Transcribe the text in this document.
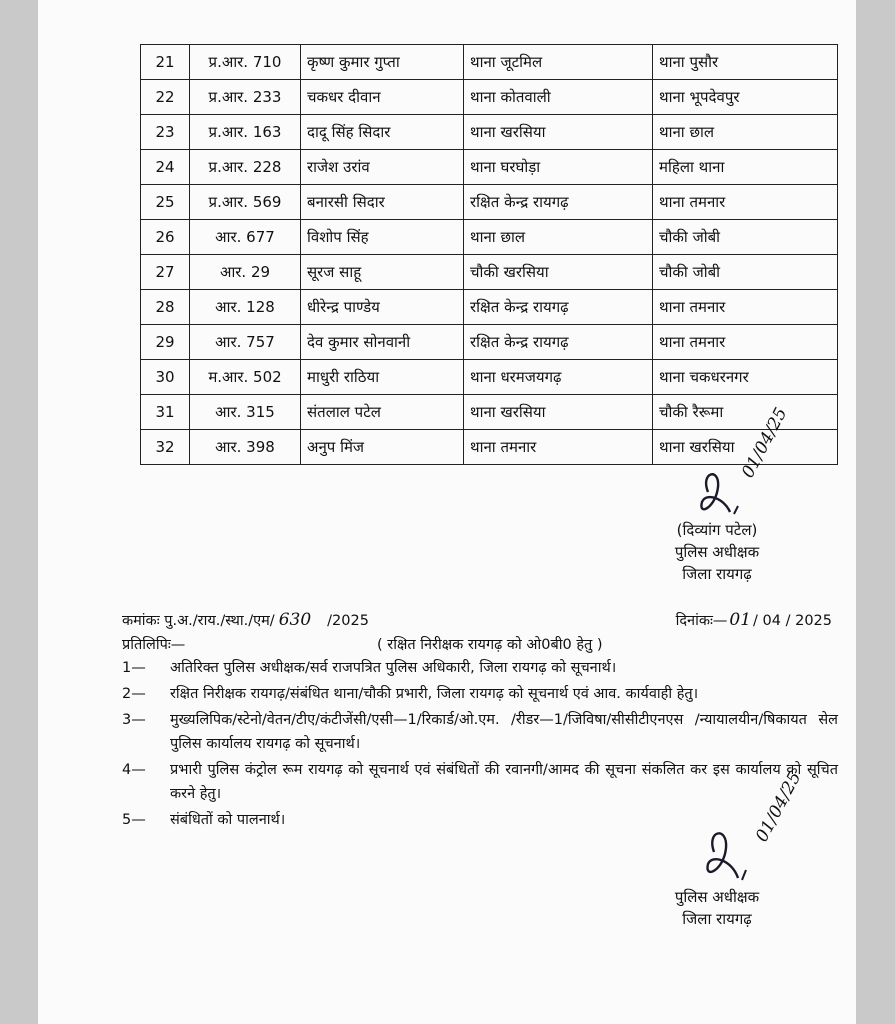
21	प्र.आर. 710	कृष्ण कुमार गुप्ता	थाना जूटमिल	थाना पुसौर
22	प्र.आर. 233	चकधर दीवान	थाना कोतवाली	थाना भूपदेवपुर
23	प्र.आर. 163	दादू सिंह सिदार	थाना खरसिया	थाना छाल
24	प्र.आर. 228	राजेश उरांव	थाना घरघोड़ा	महिला थाना
25	प्र.आर. 569	बनारसी सिदार	रक्षित केन्द्र रायगढ़	थाना तमनार
26	आर. 677	विशोप सिंह	थाना छाल	चौकी जोबी
27	आर. 29	सूरज साहू	चौकी खरसिया	चौकी जोबी
28	आर. 128	धीरेन्द्र पाण्डेय	रक्षित केन्द्र रायगढ़	थाना तमनार
29	आर. 757	देव कुमार सोनवानी	रक्षित केन्द्र रायगढ़	थाना तमनार
30	म.आर. 502	माधुरी राठिया	थाना धरमजयगढ़	थाना चकधरनगर
31	आर. 315	संतलाल पटेल	थाना खरसिया	चौकी रैरूमा
32	आर. 398	अनुप मिंज	थाना तमनार	थाना खरसिया 01/04/25
(दिव्यांग पटेल)
पुलिस अधीक्षक
जिला रायगढ़
कमांकः पु.अ./राय./स्था./एम/ 630 /2025	दिनांकः— 01 / 04 / 2025
प्रतिलिपिः—	( रक्षित निरीक्षक रायगढ़ को ओ0बी0 हेतु )
1— अतिरिक्त पुलिस अधीक्षक/सर्व राजपत्रित पुलिस अधिकारी, जिला रायगढ़ को सूचनार्थ।
2— रक्षित निरीक्षक रायगढ़/संबंधित थाना/चौकी प्रभारी, जिला रायगढ़ को सूचनार्थ एवं आव. कार्यवाही हेतु।
3— मुख्यलिपिक/स्टेनो/वेतन/टीए/कंटीजेंसी/एसी—1/रिकार्ड/ओ.एम. /रीडर—1/जिविषा/सीसीटीएनएस /न्यायालयीन/षिकायत सेल पुलिस कार्यालय रायगढ़ को सूचनार्थ।
4— प्रभारी पुलिस कंट्रोल रूम रायगढ़ को सूचनार्थ एवं संबंधितों की रवानगी/आमद की सूचना संकलित कर इस कार्यालय को सूचित करने हेतु।
5— संबंधितों को पालनार्थ।	01/04/25
पुलिस अधीक्षक
जिला रायगढ़
